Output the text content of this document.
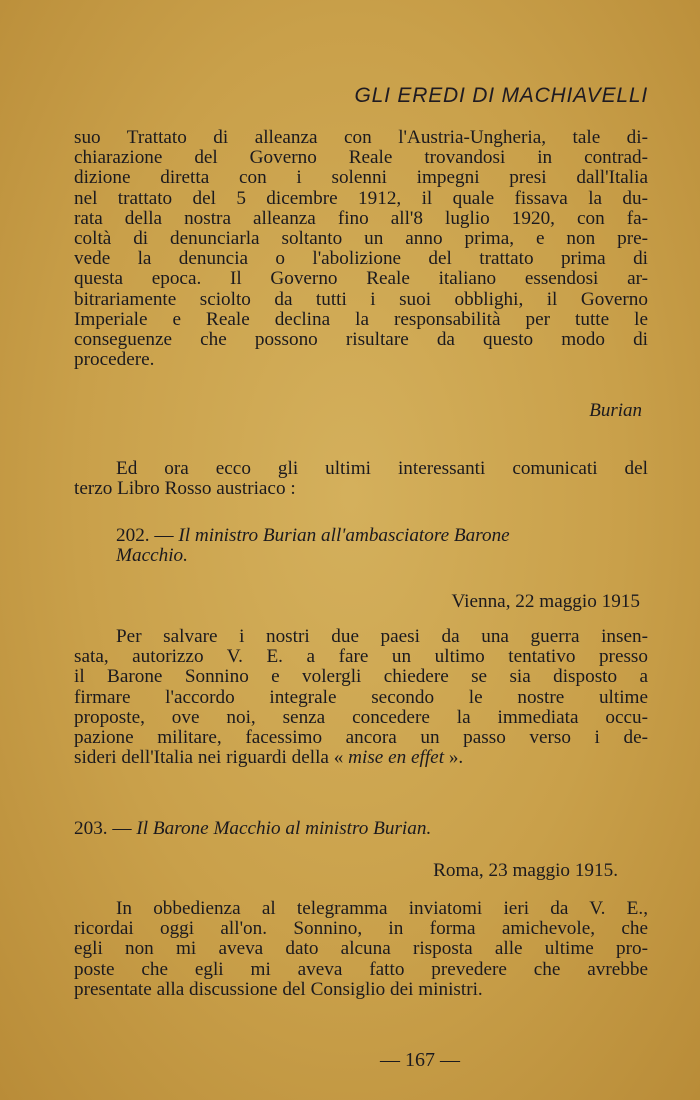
GLI EREDI DI MACHIAVELLI
suo Trattato di alleanza con l'Austria-Ungheria, tale di-
chiarazione del Governo Reale trovandosi in contrad-
dizione diretta con i solenni impegni presi dall'Italia
nel trattato del 5 dicembre 1912, il quale fissava la du-
rata della nostra alleanza fino all'8 luglio 1920, con fa-
coltà di denunciarla soltanto un anno prima, e non pre-
vede la denuncia o l'abolizione del trattato prima di
questa epoca. Il Governo Reale italiano essendosi ar-
bitrariamente sciolto da tutti i suoi obblighi, il Governo
Imperiale e Reale declina la responsabilità per tutte le
conseguenze che possono risultare da questo modo di
procedere.
Burian
Ed ora ecco gli ultimi interessanti comunicati del
terzo Libro Rosso austriaco :
202. — Il ministro Burian all'ambasciatore Barone
Macchio.
Vienna, 22 maggio 1915
Per salvare i nostri due paesi da una guerra insen-
sata, autorizzo V. E. a fare un ultimo tentativo presso
il Barone Sonnino e volergli chiedere se sia disposto a
firmare l'accordo integrale secondo le nostre ultime
proposte, ove noi, senza concedere la immediata occu-
pazione militare, facessimo ancora un passo verso i de-
sideri dell'Italia nei riguardi della « mise en effet ».
203. — Il Barone Macchio al ministro Burian.
Roma, 23 maggio 1915.
In obbedienza al telegramma inviatomi ieri da V. E.,
ricordai oggi all'on. Sonnino, in forma amichevole, che
egli non mi aveva dato alcuna risposta alle ultime pro-
poste che egli mi aveva fatto prevedere che avrebbe
presentate alla discussione del Consiglio dei ministri.
— 167 —
